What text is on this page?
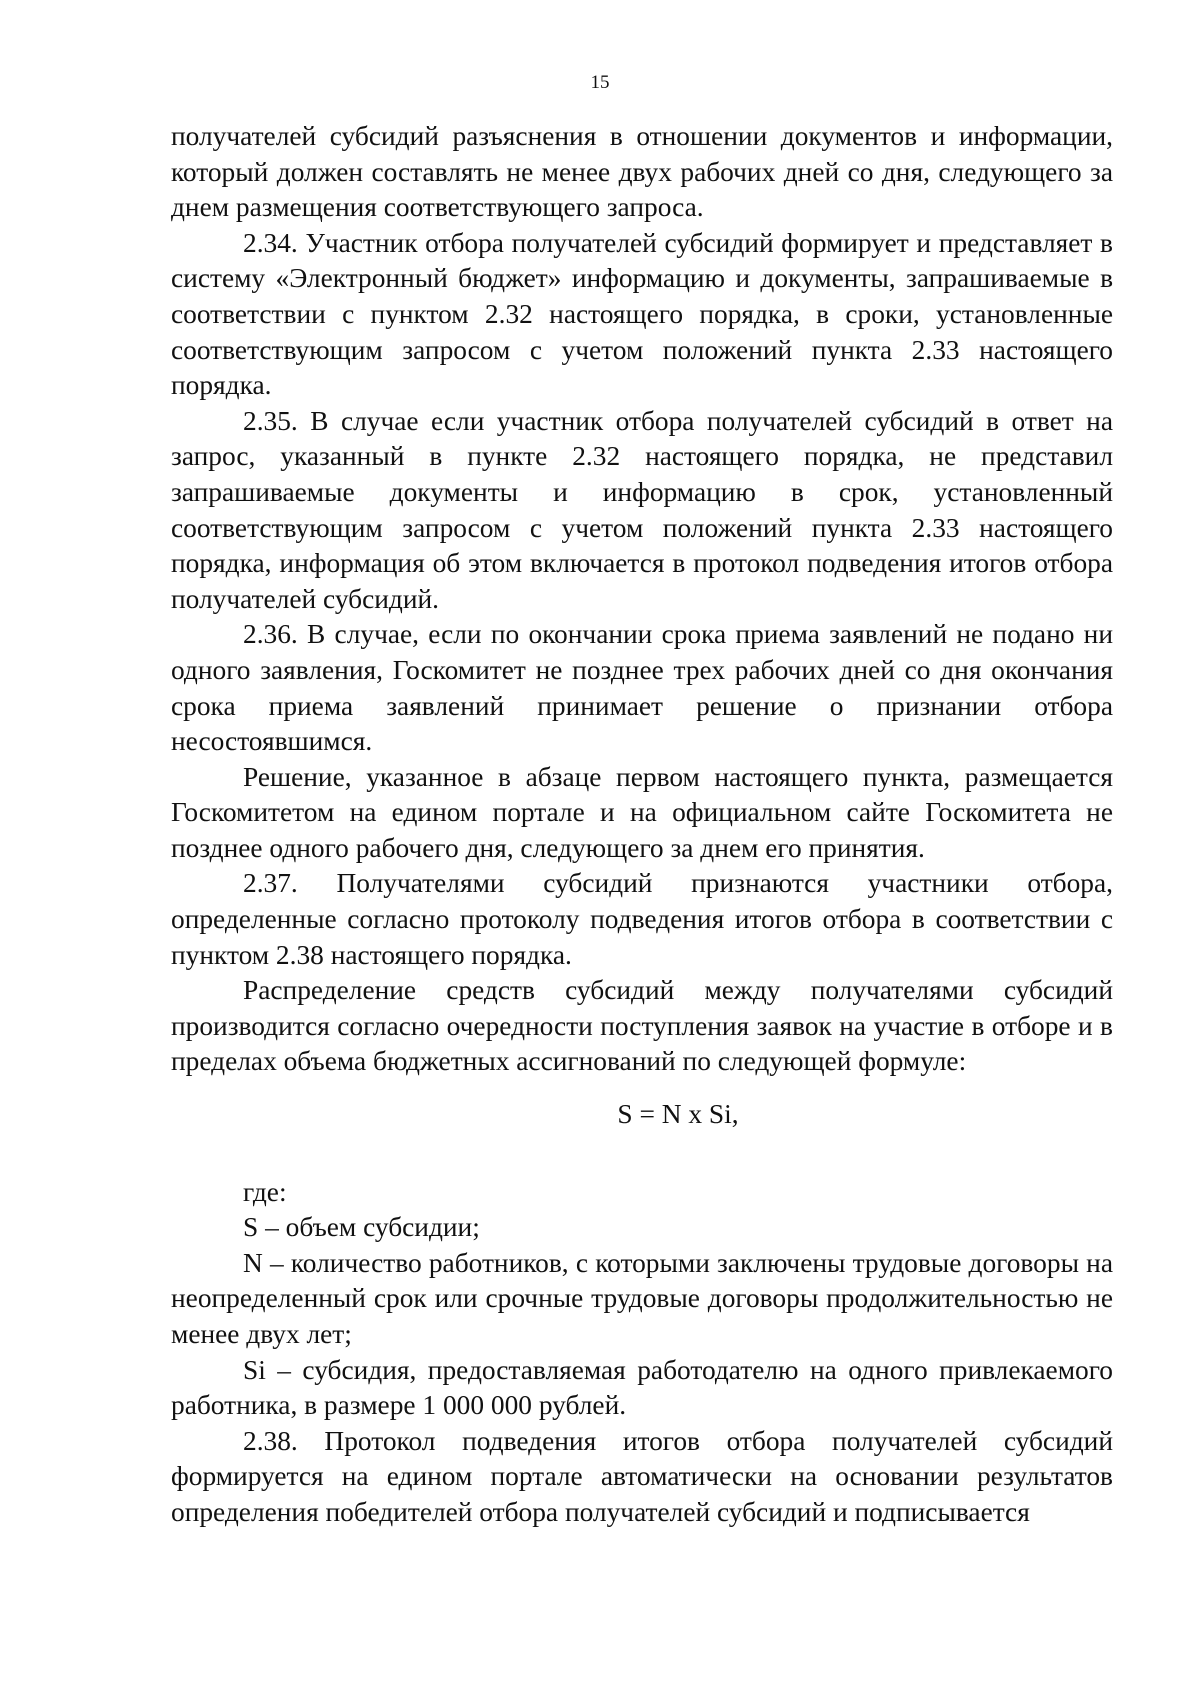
15

получателей субсидий разъяснения в отношении документов и информации, который должен составлять не менее двух рабочих дней со дня, следующего за днем размещения соответствующего запроса.

2.34. Участник отбора получателей субсидий формирует и представляет в систему «Электронный бюджет» информацию и документы, запрашиваемые в соответствии с пунктом 2.32 настоящего порядка, в сроки, установленные соответствующим запросом с учетом положений пункта 2.33 настоящего порядка.

2.35. В случае если участник отбора получателей субсидий в ответ на запрос, указанный в пункте 2.32 настоящего порядка, не представил запрашиваемые документы и информацию в срок, установленный соответствующим запросом с учетом положений пункта 2.33 настоящего порядка, информация об этом включается в протокол подведения итогов отбора получателей субсидий.

2.36. В случае, если по окончании срока приема заявлений не подано ни одного заявления, Госкомитет не позднее трех рабочих дней со дня окончания срока приема заявлений принимает решение о признании отбора несостоявшимся.

Решение, указанное в абзаце первом настоящего пункта, размещается Госкомитетом на едином портале и на официальном сайте Госкомитета не позднее одного рабочего дня, следующего за днем его принятия.

2.37. Получателями субсидий признаются участники отбора, определенные согласно протоколу подведения итогов отбора в соответствии с пунктом 2.38 настоящего порядка.

Распределение средств субсидий между получателями субсидий производится согласно очередности поступления заявок на участие в отборе и в пределах объема бюджетных ассигнований по следующей формуле:

S = N x Si,

где:

S – объем субсидии;

N – количество работников, с которыми заключены трудовые договоры на неопределенный срок или срочные трудовые договоры продолжительностью не менее двух лет;

Si – субсидия, предоставляемая работодателю на одного привлекаемого работника, в размере 1 000 000 рублей.

2.38. Протокол подведения итогов отбора получателей субсидий формируется на едином портале автоматически на основании результатов определения победителей отбора получателей субсидий и подписывается
